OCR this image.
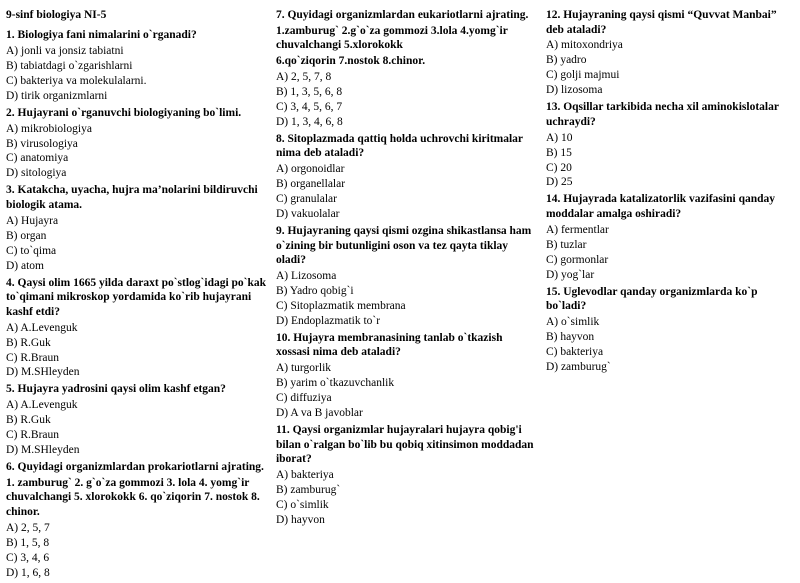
9-sinf biologiya NI-5
1. Biologiya fani nimalarini o`rganadi?
A) jonli va jonsiz tabiatni
B) tabiatdagi o`zgarishlarni
C) bakteriya va molekulalarni.
D) tirik organizmlarni
2. Hujayrani o`rganuvchi biologiyaning bo`limi.
A) mikrobiologiya
B) virusologiya
C) anatomiya
D) sitologiya
3. Katakcha, uyacha, hujra ma’nolarini bildiruvchi biologik atama.
A) Hujayra
B) organ
C) to`qima
D) atom
4. Qaysi olim 1665 yilda daraxt po`stlog`idagi po`kak to`qimani mikroskop yordamida ko`rib hujayrani kashf etdi?
A) A.Levenguk
B) R.Guk
C) R.Braun
D) M.SHleyden
5. Hujayra yadrosini qaysi olim kashf etgan?
A) A.Levenguk
B) R.Guk
C) R.Braun
D) M.SHleyden
6. Quyidagi organizmlardan prokariotlarni ajrating.
1. zamburug` 2. g`o`za gommozi 3. lola 4. yomg`ir chuvalchangi 5. xlorokokk 6. qo`ziqorin 7. nostok 8. chinor.
A) 2, 5, 7
B) 1, 5, 8
C) 3, 4, 6
D) 1, 6, 8
7. Quyidagi organizmlardan eukariotlarni ajrating.
1.zamburug` 2.g`o`za gommozi 3.lola 4.yomg`ir chuvalchangi 5.xlorokokk
6.qo`ziqorin 7.nostok 8.chinor.
A) 2, 5, 7, 8
B) 1, 3, 5, 6, 8
C) 3, 4, 5, 6, 7
D) 1, 3, 4, 6, 8
8. Sitoplazmada qattiq holda uchrovchi kiritmalar nima deb ataladi?
A) orgonoidlar
B) organellalar
C) granulalar
D) vakuolalar
9. Hujayraning qaysi qismi ozgina shikastlansa ham o`zining bir butunligini oson va tez qayta tiklay oladi?
A) Lizosoma
B) Yadro qobig`i
C) Sitoplazmatik membrana
D) Endoplazmatik to`r
10. Hujayra membranasining tanlab o`tkazish xossasi nima deb ataladi?
A) turgorlik
B) yarim o`tkazuvchanlik
C) diffuziya
D) A va B javoblar
11. Qaysi organizmlar hujayralari hujayra qobig'i bilan o`ralgan bo`lib bu qobiq xitinsimon moddadan iborat?
A) bakteriya
B) zamburug`
C) o`simlik
D) hayvon
12. Hujayraning qaysi qismi “Quvvat Manbai” deb ataladi?
A) mitoxondriya
B) yadro
C) golji majmui
D) lizosoma
13. Oqsillar tarkibida necha xil aminokislotalar uchraydi?
A) 10
B) 15
C) 20
D) 25
14. Hujayrada katalizatorlik vazifasini qanday moddalar amalga oshiradi?
A) fermentlar
B) tuzlar
C) gormonlar
D) yog`lar
15. Uglevodlar qanday organizmlarda ko`p bo`ladi?
A) o`simlik
B) hayvon
C) bakteriya
D) zamburug`
